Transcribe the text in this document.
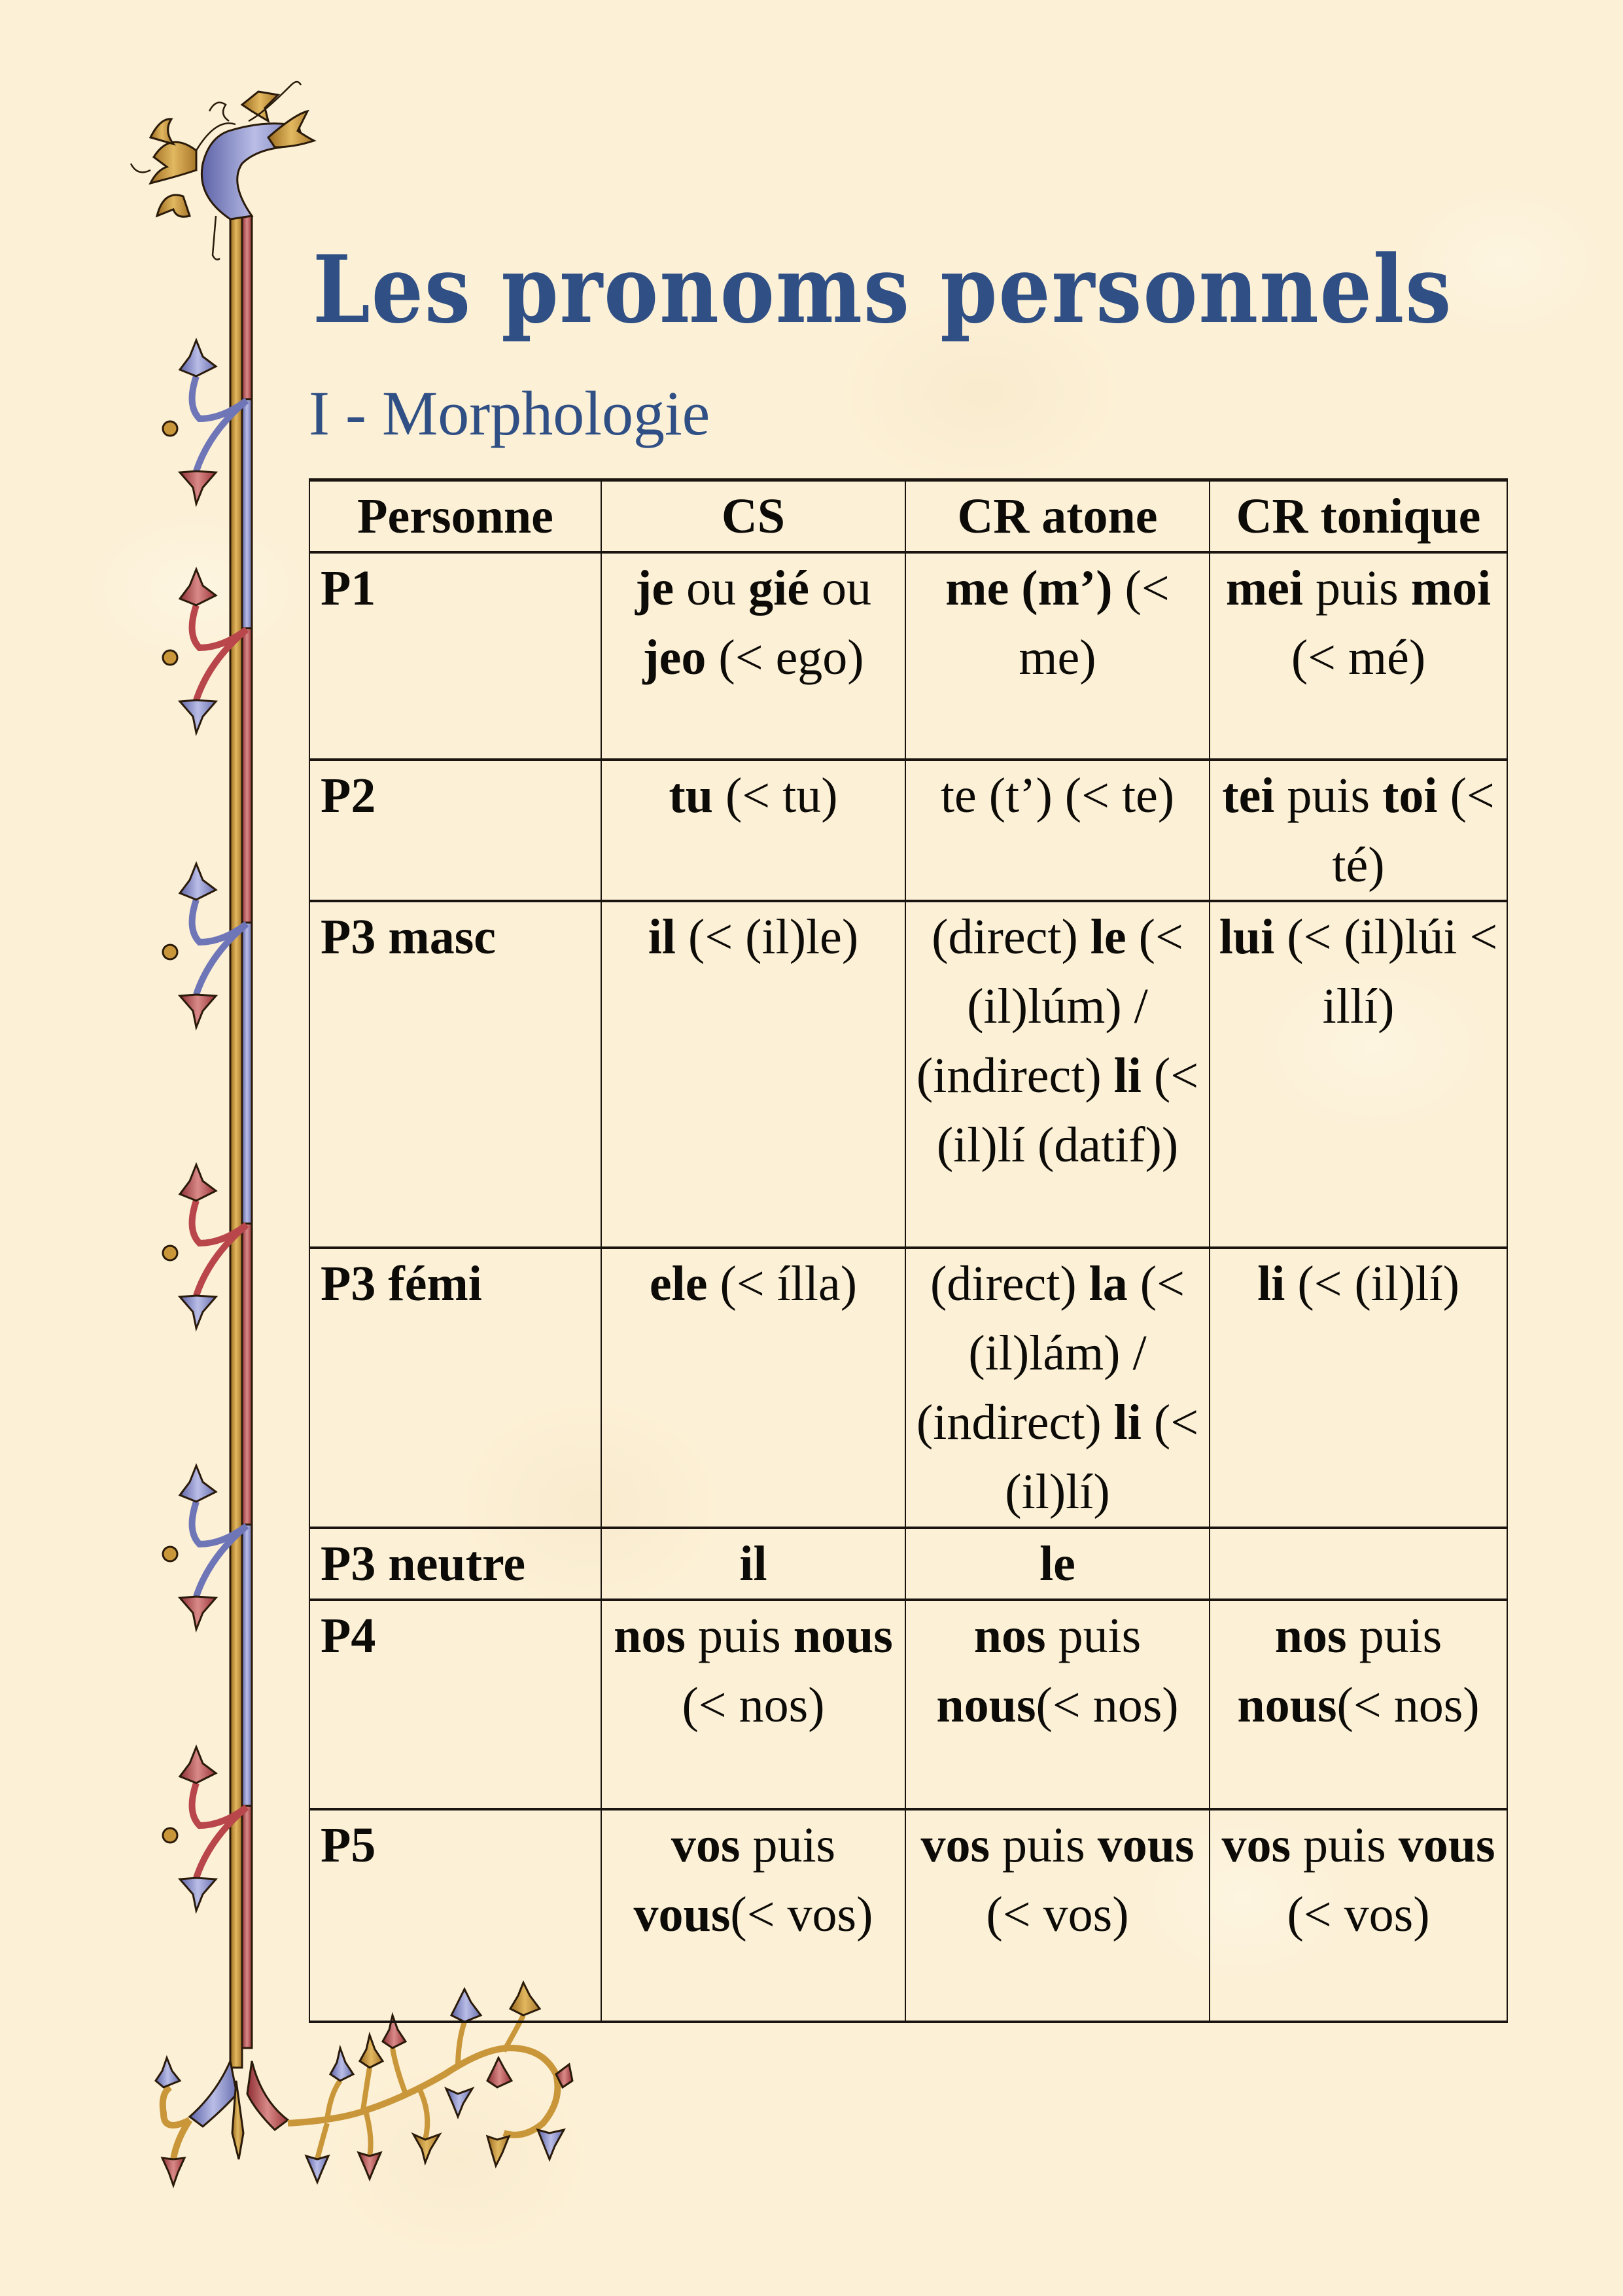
Les pronoms personnels
I - Morphologie
Personne	CS	CR atone	CR tonique
P1	je ou gié ou jeo (< ego)	me (m’) (< me)	mei puis moi (< mé)
P2	tu (< tu)	te (t’) (< te)	tei puis toi (< té)
P3 masc	il (< (il)le)	(direct) le (< (il)lúm) / (indirect) li (< (il)lí (datif))	lui (< (il)lúi < illí)
P3 fémi	ele (< ílla)	(direct) la (< (il)lám) / (indirect) li (< (il)lí)	li (< (il)lí)
P3 neutre	il	le	
P4	nos puis nous (< nos)	nos puis nous(< nos)	nos puis nous(< nos)
P5	vos puis vous(< vos)	vos puis vous (< vos)	vos puis vous (< vos)
